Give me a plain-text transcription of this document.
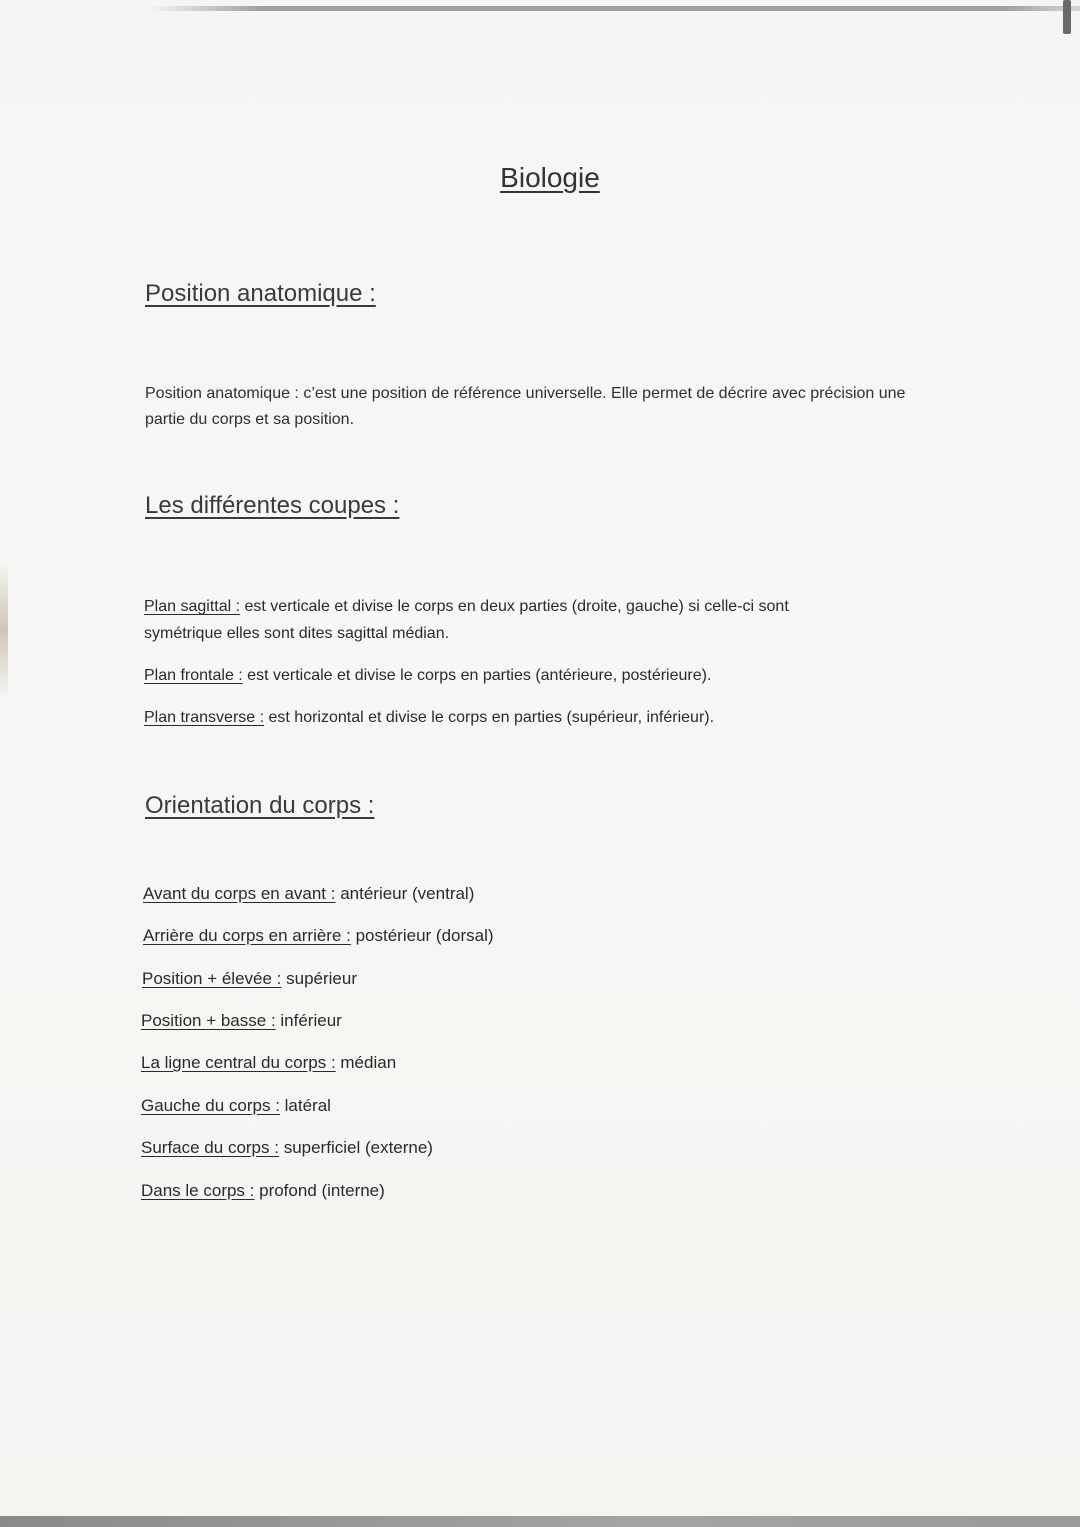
Biologie
Position anatomique :

Position anatomique : c’est une position de référence universelle. Elle permet de décrire avec précision une partie du corps et sa position.

Les différentes coupes :

Plan sagittal : est verticale et divise le corps en deux parties (droite, gauche) si celle-ci sont

symétrique elles sont dites sagittal médian.

Plan frontale : est verticale et divise le corps en parties (antérieure, postérieure).

Plan transverse : est horizontal et divise le corps en parties (supérieur, inférieur).

Orientation du corps :

Avant du corps en avant : antérieur (ventral)

Arrière du corps en arrière : postérieur (dorsal)

Position + élevée : supérieur

Position + basse : inférieur

La ligne central du corps : médian

Gauche du corps : latéral

Surface du corps : superficiel (externe)

Dans le corps : profond (interne)
